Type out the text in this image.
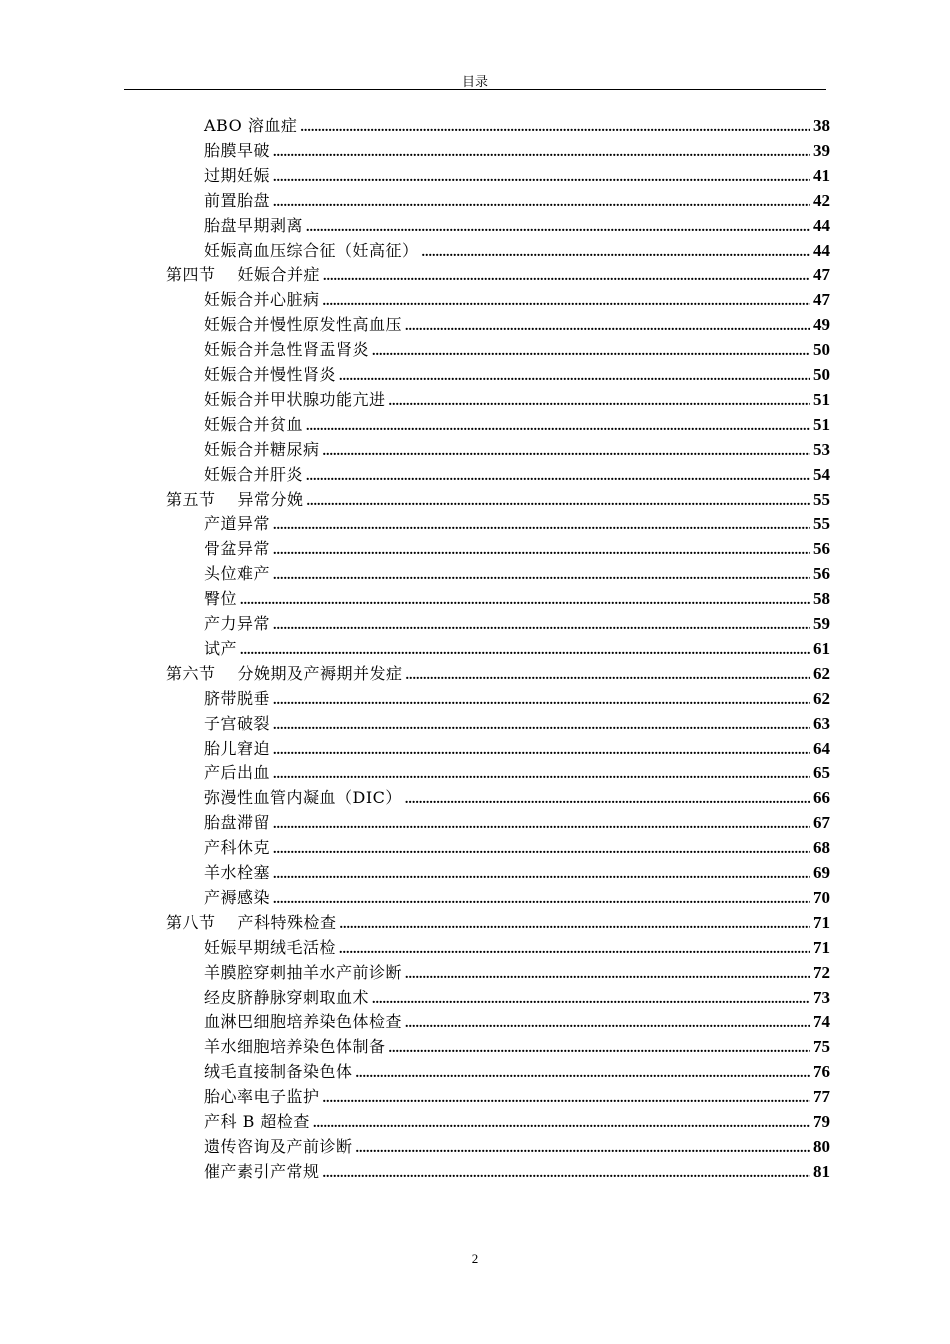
目录
ABO 溶血症 .....	38
胎膜早破 .....	39
过期妊娠 .....	41
前置胎盘 .....	42
胎盘早期剥离 .....	44
妊娠高血压综合征（妊高征） .....	44
第四节 妊娠合并症 .....	47
妊娠合并心脏病 .....	47
妊娠合并慢性原发性高血压 .....	49
妊娠合并急性肾盂肾炎 .....	50
妊娠合并慢性肾炎 .....	50
妊娠合并甲状腺功能亢进 .....	51
妊娠合并贫血 .....	51
妊娠合并糖尿病 .....	53
妊娠合并肝炎 .....	54
第五节 异常分娩 .....	55
产道异常 .....	55
骨盆异常 .....	56
头位难产 .....	56
臀位 .....	58
产力异常 .....	59
试产 .....	61
第六节 分娩期及产褥期并发症 .....	62
脐带脱垂 .....	62
子宫破裂 .....	63
胎儿窘迫 .....	64
产后出血 .....	65
弥漫性血管内凝血（DIC） .....	66
胎盘滞留 .....	67
产科休克 .....	68
羊水栓塞 .....	69
产褥感染 .....	70
第八节 产科特殊检查 .....	71
妊娠早期绒毛活检 .....	71
羊膜腔穿刺抽羊水产前诊断 .....	72
经皮脐静脉穿刺取血术 .....	73
血淋巴细胞培养染色体检查 .....	74
羊水细胞培养染色体制备 .....	75
绒毛直接制备染色体 .....	76
胎心率电子监护 .....	77
产科 B 超检查 .....	79
遗传咨询及产前诊断 .....	80
催产素引产常规 .....	81
2
